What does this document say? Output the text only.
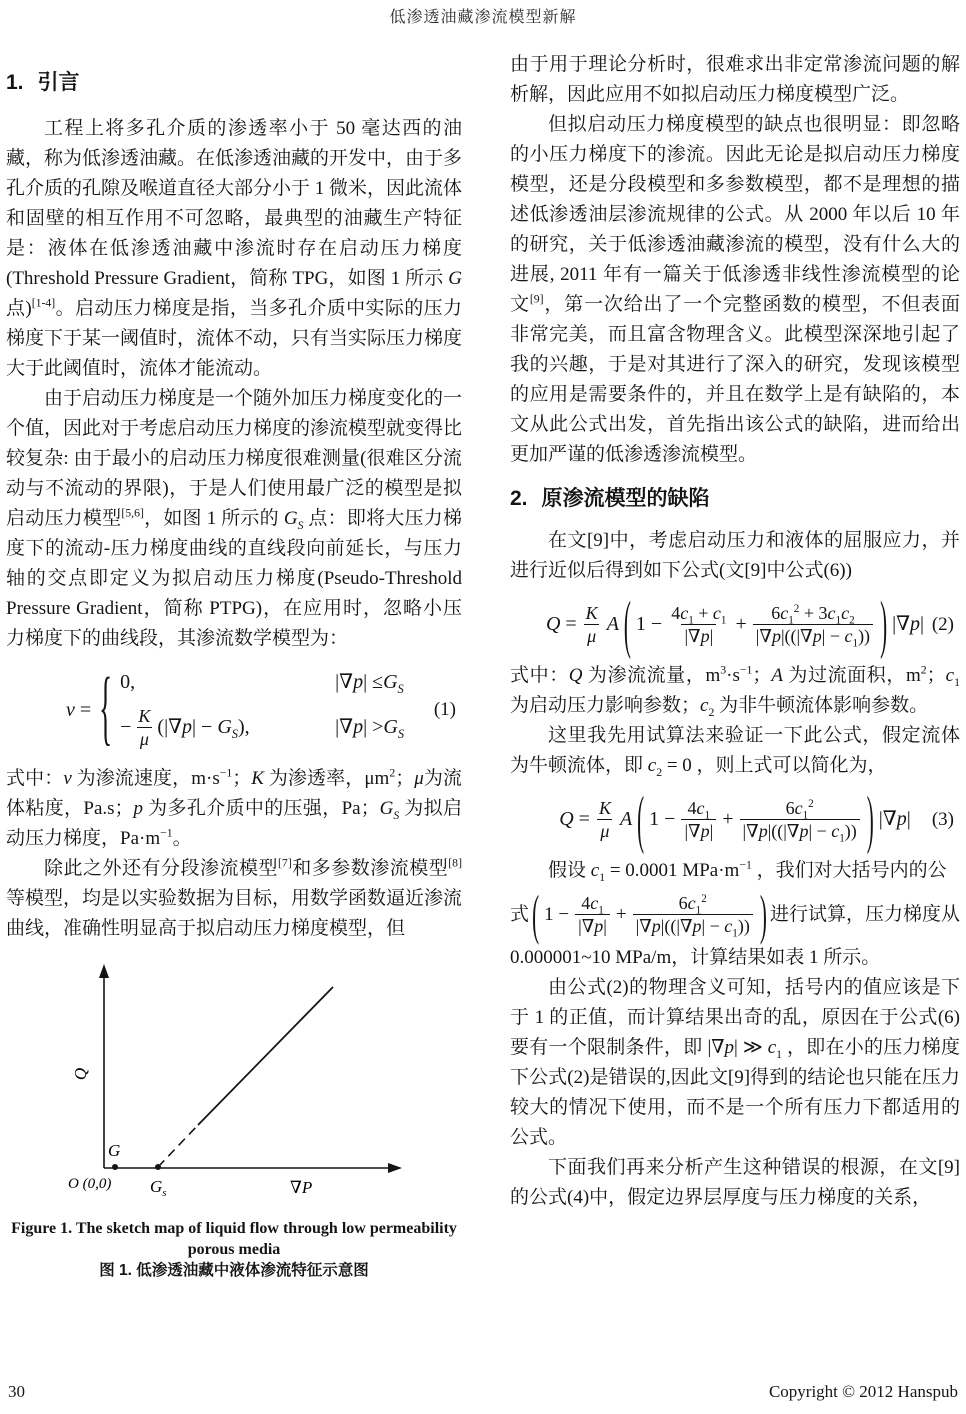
低渗透油藏渗流模型新解
1. 引言

工程上将多孔介质的渗透率小于 50 毫达西的油藏，称为低渗透油藏。在低渗透油藏的开发中，由于多孔介质的孔隙及喉道直径大部分小于 1 微米，因此流体和固壁的相互作用不可忽略，最典型的油藏生产特征是：液体在低渗透油藏中渗流时存在启动压力梯度(Threshold Pressure Gradient，简称 TPG，如图 1 所示 G 点)[1-4]。启动压力梯度是指，当多孔介质中实际的压力梯度下于某一阈值时，流体不动，只有当实际压力梯度大于此阈值时，流体才能流动。

由于启动压力梯度是一个随外加压力梯度变化的一个值，因此对于考虑启动压力梯度的渗流模型就变得比较复杂: 由于最小的启动压力梯度很难测量(很难区分流动与不流动的界限)，于是人们使用最广泛的模型是拟启动压力模型[5,6]，如图 1 所示的 $G_S$ 点：即将大压力梯度下的流动-压力梯度曲线的直线段向前延长，与压力轴的交点即定义为拟启动压力梯度(Pseudo-Threshold Pressure Gradient，简称 PTPG)，在应用时，忽略小压力梯度下的曲线段，其渗流数学模型为：

v = { 0,	|∇ p | ≤ $G_S$
− $\frac{K}{\mu} (|\nabla p| - G_S)$,	|∇ p | > $G_S$
(1)

式中：v 为渗流速度，$m\cdot s^{-1}$；K 为渗透率，$\mu m^2$；μ为流体粘度，Pa.s；p 为多孔介质中的压强，Pa；$G_S$ 为拟启动压力梯度，$Pa\cdot m^{-1}$。

除此之外还有分段渗流模型[7]和多参数渗流模型[8]等模型，均是以实验数据为目标，用数学函数逼近渗流曲线，准确性明显高于拟启动压力梯度模型，但

Q
∇P
O (0,0)
G
$G_s$
Figure 1. The sketch map of liquid flow through low permeability
porous media
图 1. 低渗透油藏中液体渗流特征示意图

由于用于理论分析时，很难求出非定常渗流问题的解析解，因此应用不如拟启动压力梯度模型广泛。

但拟启动压力梯度模型的缺点也很明显：即忽略的小压力梯度下的渗流。因此无论是拟启动压力梯度模型，还是分段模型和多参数模型，都不是理想的描述低渗透油层渗流规律的公式。从 2000 年以后 10 年的研究，关于低渗透油藏渗流的模型，没有什么大的进展, 2011 年有一篇关于低渗透非线性渗流模型的论文[9]，第一次给出了一个完整函数的模型，不但表面非常完美，而且富含物理含义。此模型深深地引起了我的兴趣，于是对其进行了深入的研究，发现该模型的应用是需要条件的，并且在数学上是有缺陷的，本文从此公式出发，首先指出该公式的缺陷，进而给出更加严谨的低渗透渗流模型。

2. 原渗流模型的缺陷

在文[9]中，考虑启动压力和液体的屈服应力，并进行近似后得到如下公式(文[9]中公式(6))

$Q = \frac{K}{\mu}$ A ( $1 - \frac{4c_1 + c_1}{|\nabla p|} + \frac{6c_1^2 + 3c_1c_2}{|\nabla p|((|\nabla p| - c_1))}$ ) |∇p| (2)

式中：Q 为渗流流量，$m^3\cdot s^{-1}$；A 为过流面积，$m^2$；$c_1$ 为启动压力影响参数；$c_2$ 为非牛顿流体影响参数。

这里我先用试算法来验证一下此公式，假定流体为牛顿流体，即 $c_2 = 0$ ，则上式可以简化为，

$Q = \frac{K}{\mu}$ A ( $1 - \frac{4c_1}{|\nabla p|} + \frac{6c_1^2}{|\nabla p|((|\nabla p| - c_1))}$ ) |∇p| (3)

假设 $c_1 = 0.0001$ $MPa\cdot m^{-1}$ ，我们对大括号内的公

式 ( $1 - \frac{4c_1}{|\nabla p|} + \frac{6c_1^2}{|\nabla p|((|\nabla p| - c_1))}$ ) 进行试算，压力梯度从

0.000001~10 MPa/m，计算结果如表 1 所示。

由公式(2)的物理含义可知，括号内的值应该是下于 1 的正值，而计算结果出奇的乱，原因在于公式(6)要有一个限制条件，即 |∇p| ≫ $c_1$ ，即在小的压力梯度下公式(2)是错误的,因此文[9]得到的结论也只能在压力较大的情况下使用，而不是一个所有压力下都适用的公式。

下面我们再来分析产生这种错误的根源，在文[9]的公式(4)中，假定边界层厚度与压力梯度的关系，

30	Copyright © 2012 Hanspub
